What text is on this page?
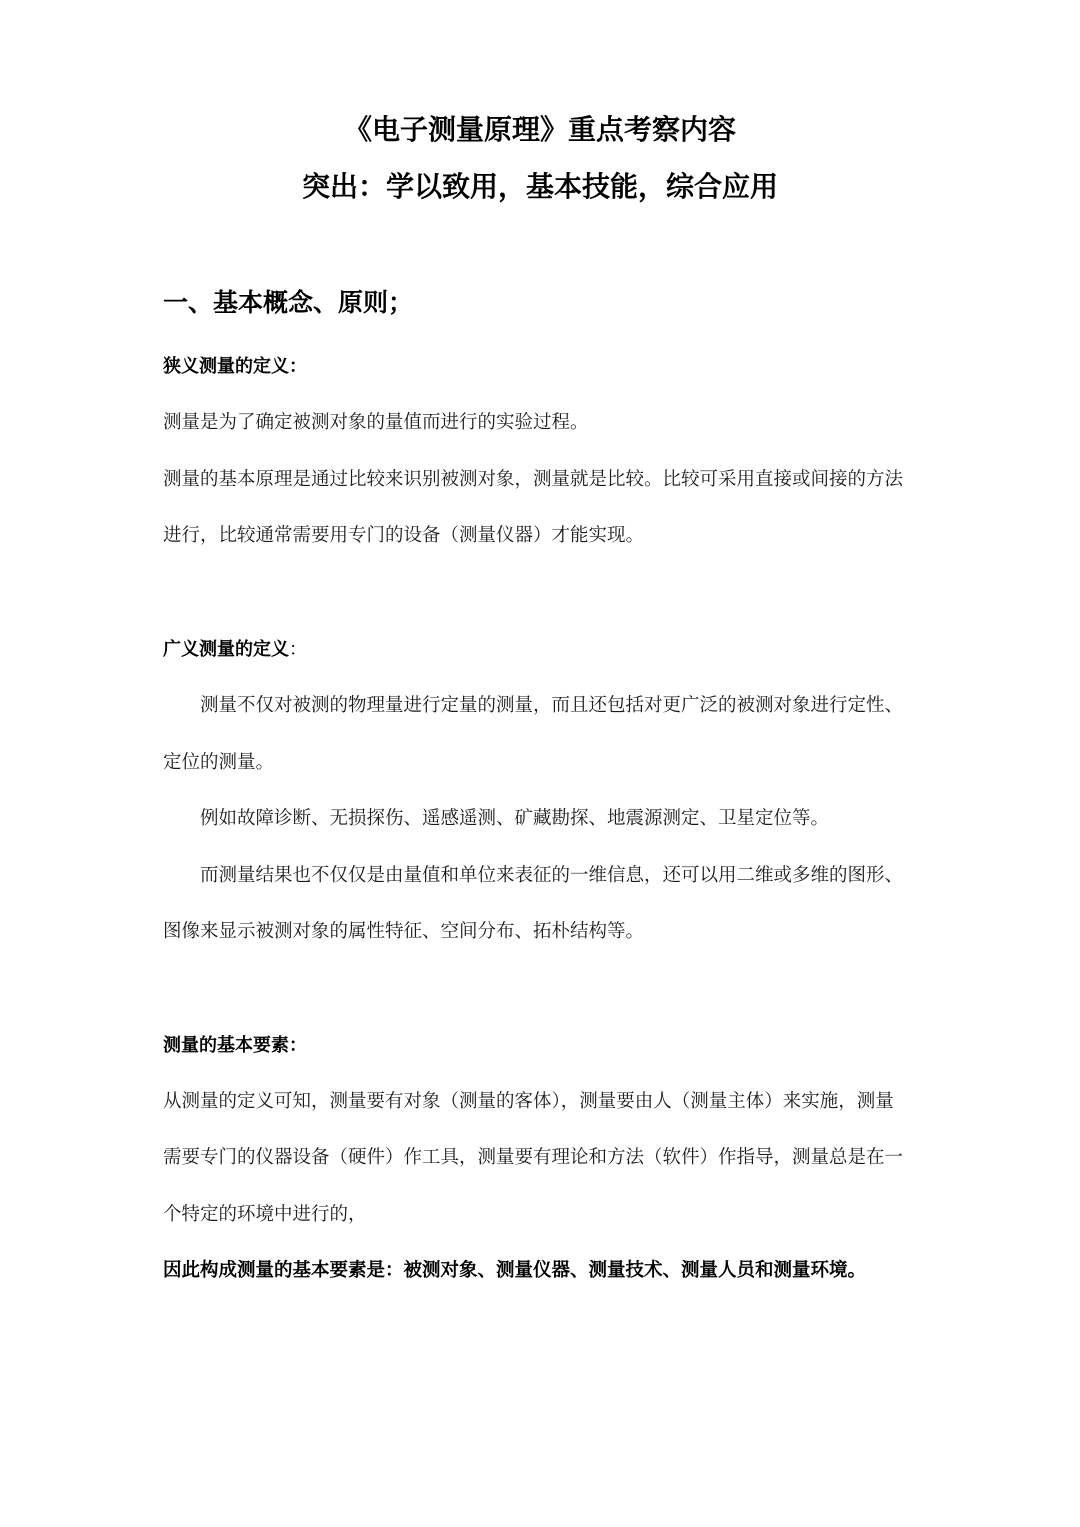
《电子测量原理》重点考察内容
突出：学以致用，基本技能，综合应用
一、基本概念、原则；
狭义测量的定义：
测量是为了确定被测对象的量值而进行的实验过程。
测量的基本原理是通过比较来识别被测对象，测量就是比较。比较可采用直接或间接的方法
进行，比较通常需要用专门的设备（测量仪器）才能实现。
广义测量的定义：
测量不仅对被测的物理量进行定量的测量，而且还包括对更广泛的被测对象进行定性、
定位的测量。
例如故障诊断、无损探伤、遥感遥测、矿藏勘探、地震源测定、卫星定位等。
而测量结果也不仅仅是由量值和单位来表征的一维信息，还可以用二维或多维的图形、
图像来显示被测对象的属性特征、空间分布、拓朴结构等。
测量的基本要素：
从测量的定义可知，测量要有对象（测量的客体），测量要由人（测量主体）来实施，测量
需要专门的仪器设备（硬件）作工具，测量要有理论和方法（软件）作指导，测量总是在一
个特定的环境中进行的，
因此构成测量的基本要素是：被测对象、测量仪器、测量技术、测量人员和测量环境。
